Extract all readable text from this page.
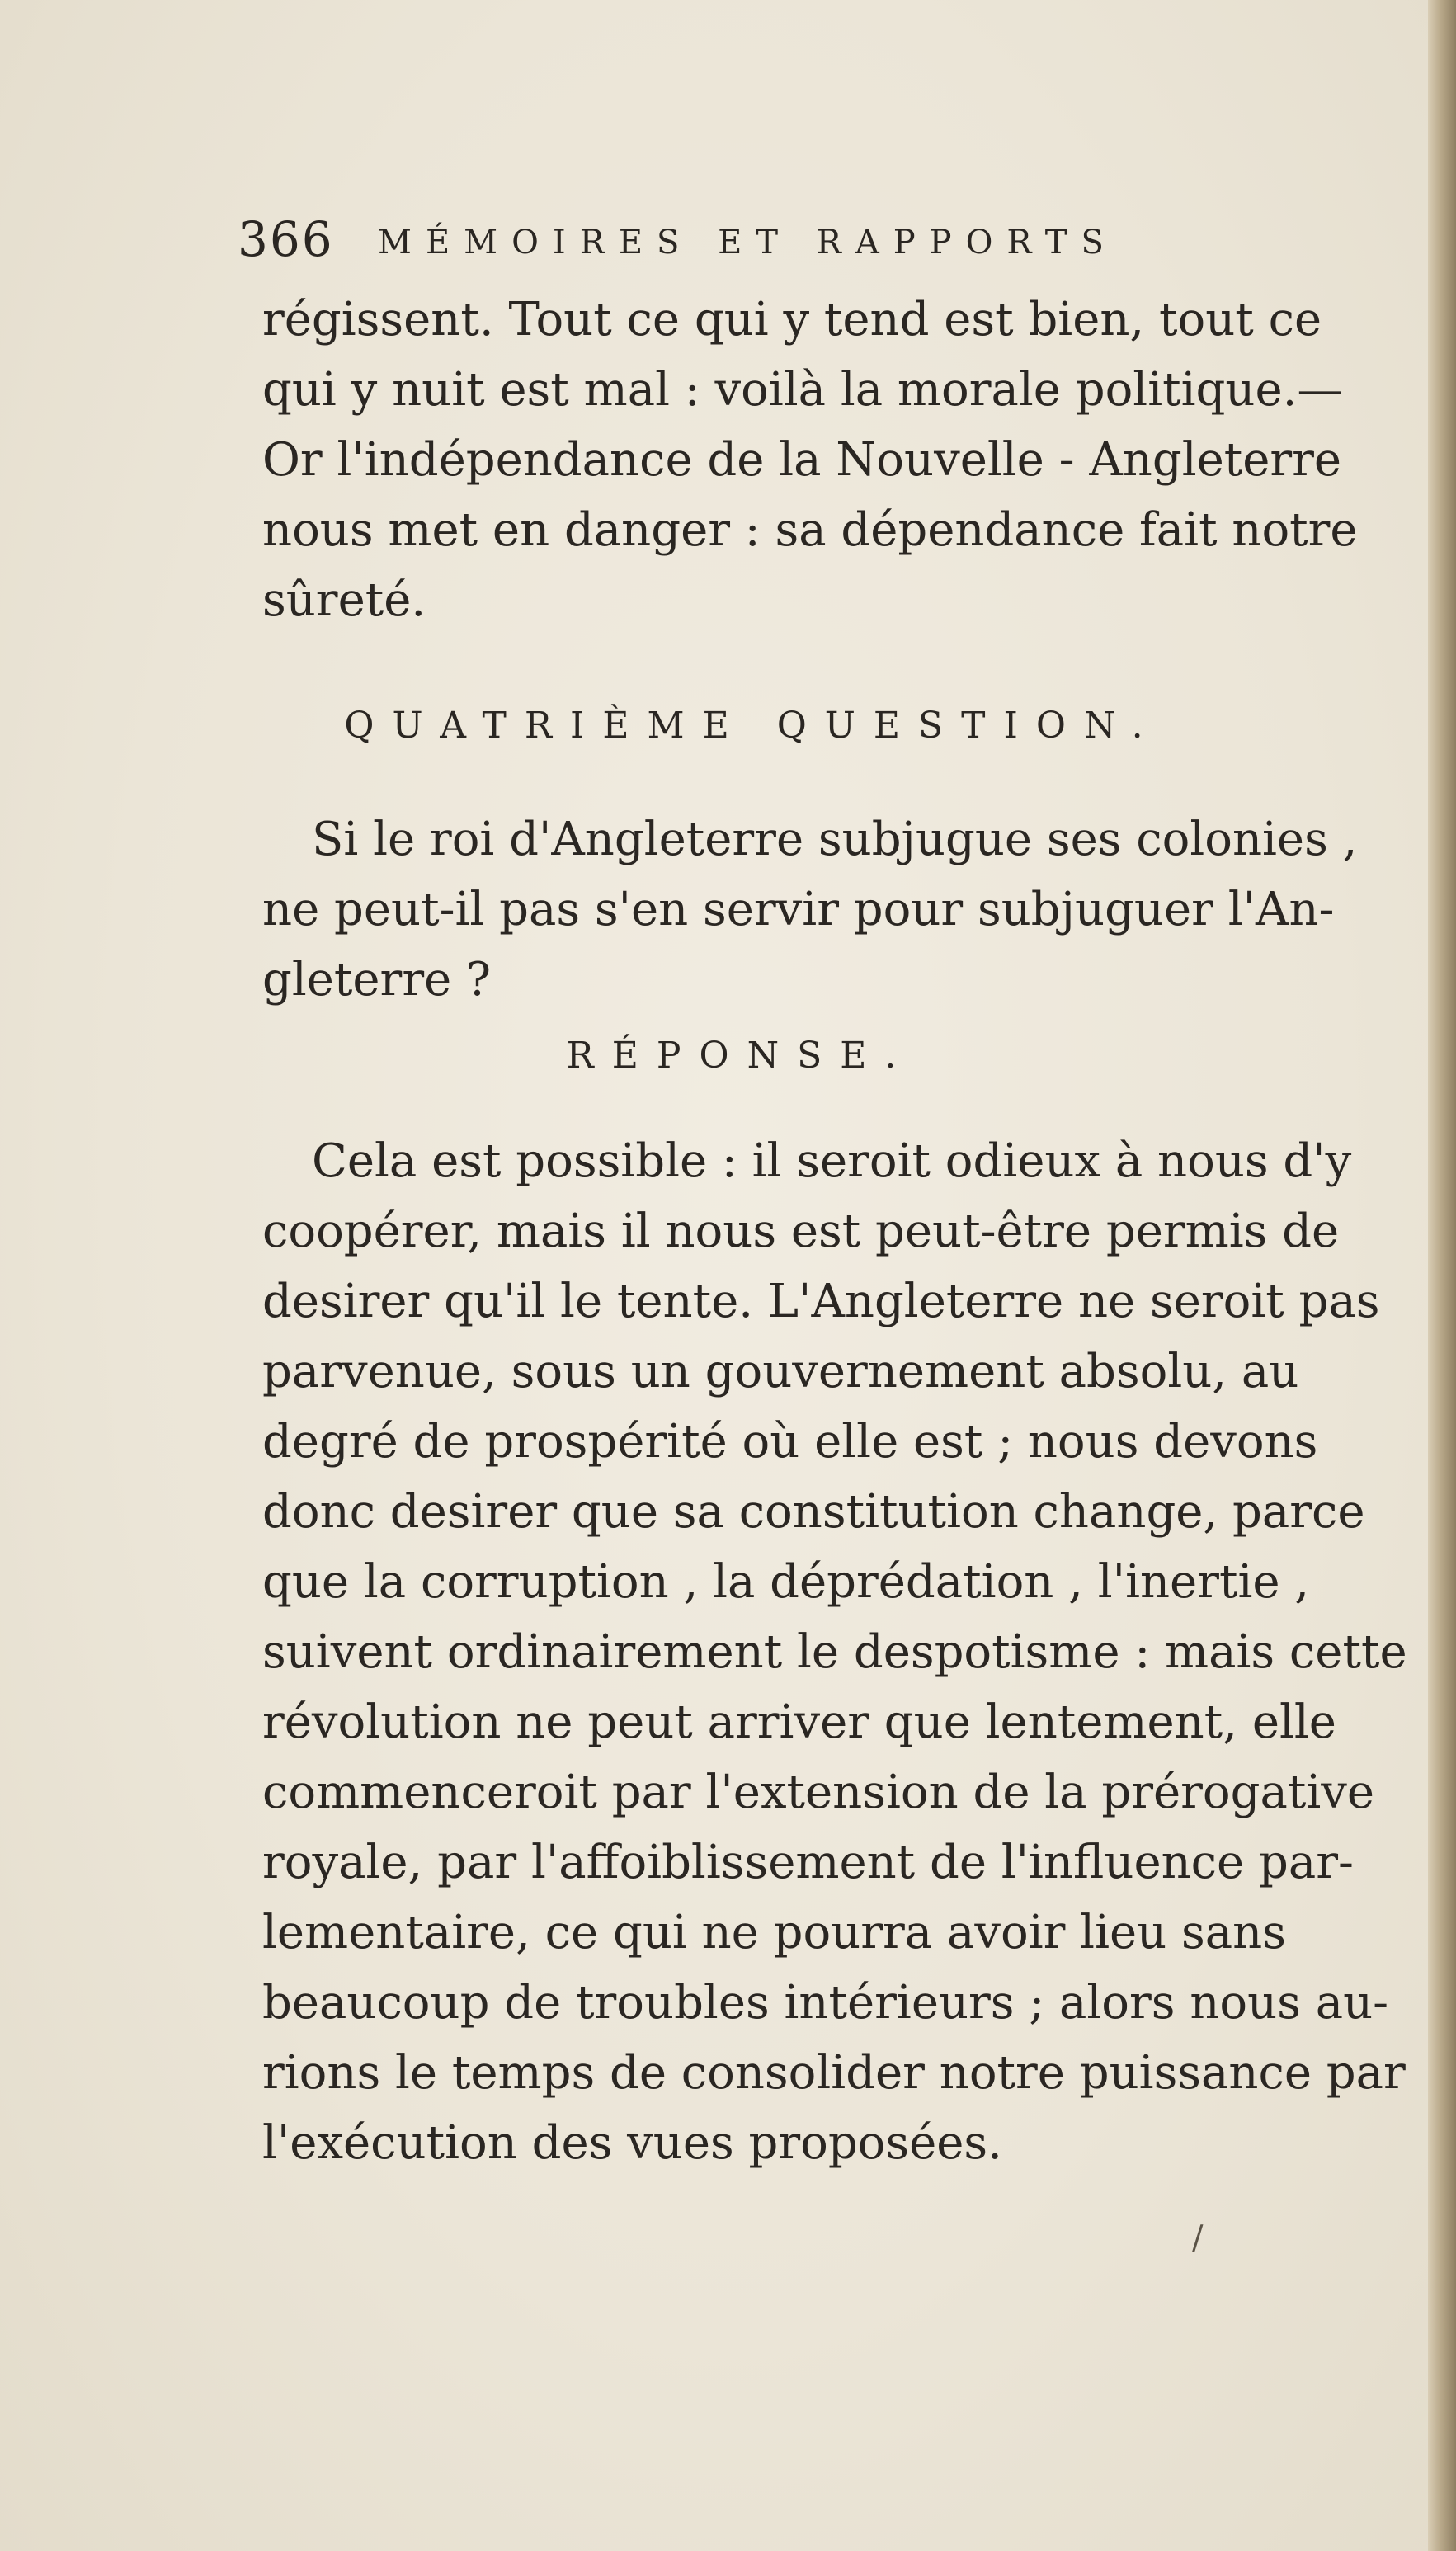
366 MÉMOIRES ET RAPPORTS
régissent. Tout ce qui y tend est bien, tout ce
qui y nuit est mal : voilà la morale politique.—
Or l'indépendance de la Nouvelle - Angleterre
nous met en danger : sa dépendance fait notre
sûreté.
QUATRIÈME QUESTION.
Si le roi d'Angleterre subjugue ses colonies ,
ne peut-il pas s'en servir pour subjuguer l'An-
gleterre ?
RÉPONSE.
Cela est possible : il seroit odieux à nous d'y
coopérer, mais il nous est peut-être permis de
desirer qu'il le tente. L'Angleterre ne seroit pas
parvenue, sous un gouvernement absolu, au
degré de prospérité où elle est ; nous devons
donc desirer que sa constitution change, parce
que la corruption , la déprédation , l'inertie ,
suivent ordinairement le despotisme : mais cette
révolution ne peut arriver que lentement, elle
commenceroit par l'extension de la prérogative
royale, par l'affoiblissement de l'influence par-
lementaire, ce qui ne pourra avoir lieu sans
beaucoup de troubles intérieurs ; alors nous au-
rions le temps de consolider notre puissance par
l'exécution des vues proposées.
/
